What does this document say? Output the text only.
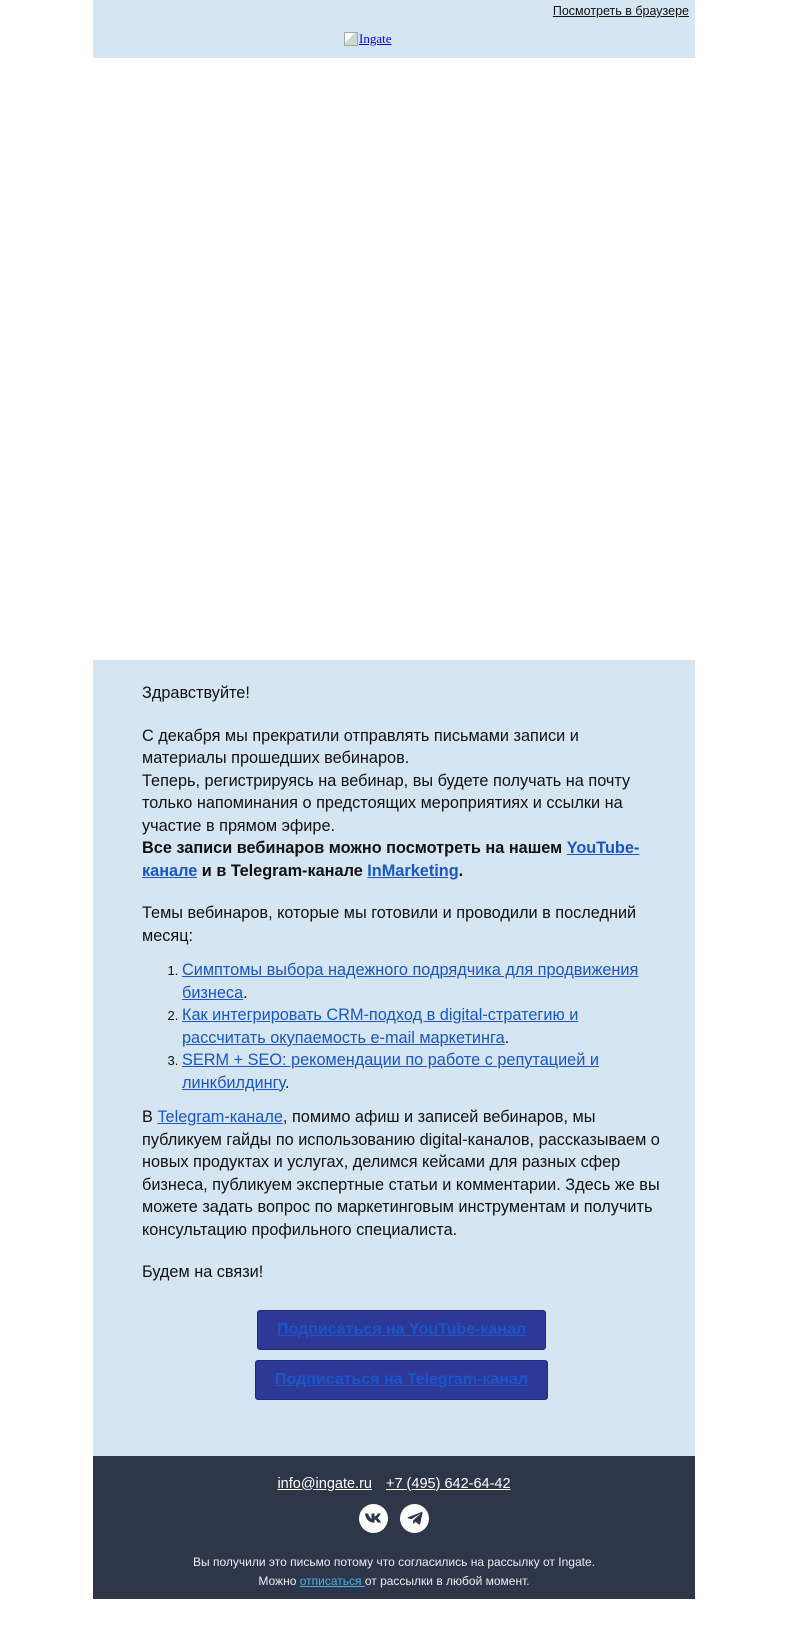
Посмотреть в браузере
Ingate

Здравствуйте!

С декабря мы прекратили отправлять письмами записи и материалы прошедших вебинаров.

Теперь, регистрируясь на вебинар, вы будете получать на почту только напоминания о предстоящих мероприятиях и ссылки на участие в прямом эфире.

Все записи вебинаров можно посмотреть на нашем YouTube-канале и в Telegram-канале InMarketing.

Темы вебинаров, которые мы готовили и проводили в последний месяц:

1. Симптомы выбора надежного подрядчика для продвижения бизнеса.
2. Как интегрировать CRM-подход в digital-стратегию и рассчитать окупаемость e-mail маркетинга.
3. SERM + SEO: рекомендации по работе с репутацией и линкбилдингу.

В Telegram-канале, помимо афиш и записей вебинаров, мы публикуем гайды по использованию digital-каналов, рассказываем о новых продуктах и услугах, делимся кейсами для разных сфер бизнеса, публикуем экспертные статьи и комментарии. Здесь же вы можете задать вопрос по маркетинговым инструментам и получить консультацию профильного специалиста.

Будем на связи!

Подписаться на YouTube-канал
Подписаться на Telegram-канал
info@ingate.ru +7 (495) 642-64-42
Вы получили это письмо потому что согласились на рассылку от Ingate.
Можно отписаться от рассылки в любой момент.
